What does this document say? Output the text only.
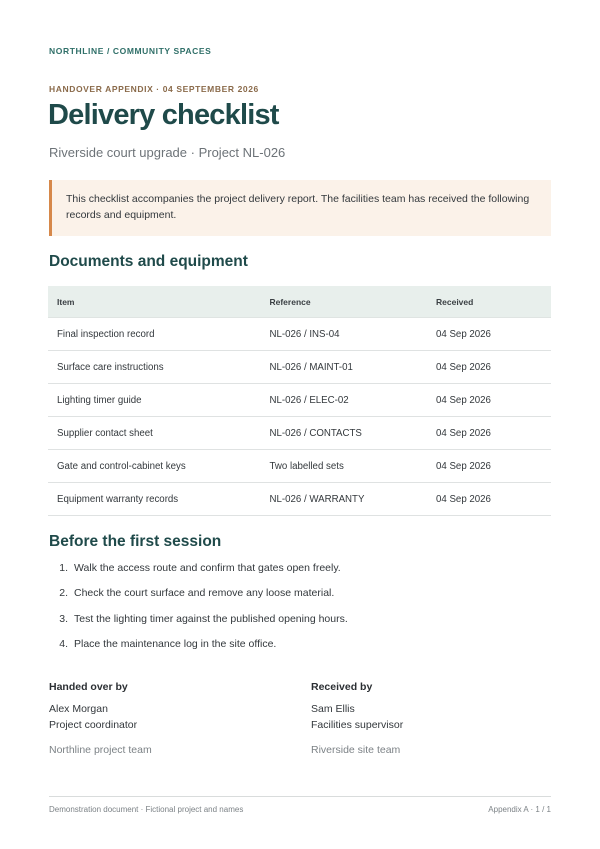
NORTHLINE / COMMUNITY SPACES
HANDOVER APPENDIX · 04 SEPTEMBER 2026
Delivery checklist
Riverside court upgrade · Project NL-026
This checklist accompanies the project delivery report. The facilities team has received the following records and equipment.
Documents and equipment
Item	Reference	Received
Final inspection record	NL-026 / INS-04	04 Sep 2026
Surface care instructions	NL-026 / MAINT-01	04 Sep 2026
Lighting timer guide	NL-026 / ELEC-02	04 Sep 2026
Supplier contact sheet	NL-026 / CONTACTS	04 Sep 2026
Gate and control-cabinet keys	Two labelled sets	04 Sep 2026
Equipment warranty records	NL-026 / WARRANTY	04 Sep 2026
Before the first session
1. Walk the access route and confirm that gates open freely.
2. Check the court surface and remove any loose material.
3. Test the lighting timer against the published opening hours.
4. Place the maintenance log in the site office.
Handed over by
Alex Morgan
Project coordinator
Northline project team
Received by
Sam Ellis
Facilities supervisor
Riverside site team
Demonstration document · Fictional project and names	Appendix A · 1 / 1
